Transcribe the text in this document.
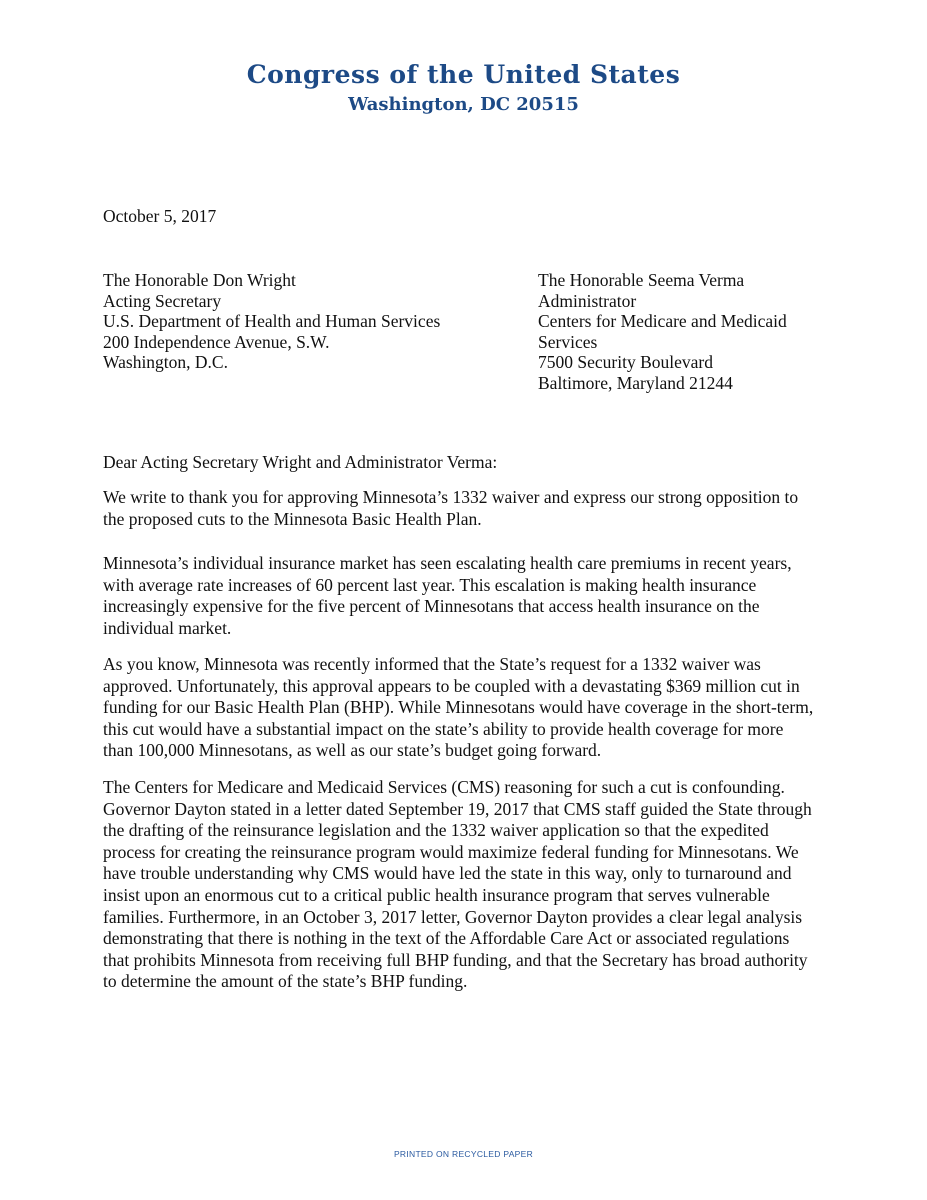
Congress of the United States
Washington, DC 20515
October 5, 2017
The Honorable Don Wright
Acting Secretary
U.S. Department of Health and Human Services
200 Independence Avenue, S.W.
Washington, D.C.
The Honorable Seema Verma
Administrator
Centers for Medicare and Medicaid
Services
7500 Security Boulevard
Baltimore, Maryland 21244
Dear Acting Secretary Wright and Administrator Verma:
We write to thank you for approving Minnesota’s 1332 waiver and express our strong opposition to
the proposed cuts to the Minnesota Basic Health Plan.
Minnesota’s individual insurance market has seen escalating health care premiums in recent years,
with average rate increases of 60 percent last year. This escalation is making health insurance
increasingly expensive for the five percent of Minnesotans that access health insurance on the
individual market.
As you know, Minnesota was recently informed that the State’s request for a 1332 waiver was
approved. Unfortunately, this approval appears to be coupled with a devastating $369 million cut in
funding for our Basic Health Plan (BHP). While Minnesotans would have coverage in the short-term,
this cut would have a substantial impact on the state’s ability to provide health coverage for more
than 100,000 Minnesotans, as well as our state’s budget going forward.
The Centers for Medicare and Medicaid Services (CMS) reasoning for such a cut is confounding.
Governor Dayton stated in a letter dated September 19, 2017 that CMS staff guided the State through
the drafting of the reinsurance legislation and the 1332 waiver application so that the expedited
process for creating the reinsurance program would maximize federal funding for Minnesotans. We
have trouble understanding why CMS would have led the state in this way, only to turnaround and
insist upon an enormous cut to a critical public health insurance program that serves vulnerable
families. Furthermore, in an October 3, 2017 letter, Governor Dayton provides a clear legal analysis
demonstrating that there is nothing in the text of the Affordable Care Act or associated regulations
that prohibits Minnesota from receiving full BHP funding, and that the Secretary has broad authority
to determine the amount of the state’s BHP funding.
PRINTED ON RECYCLED PAPER
